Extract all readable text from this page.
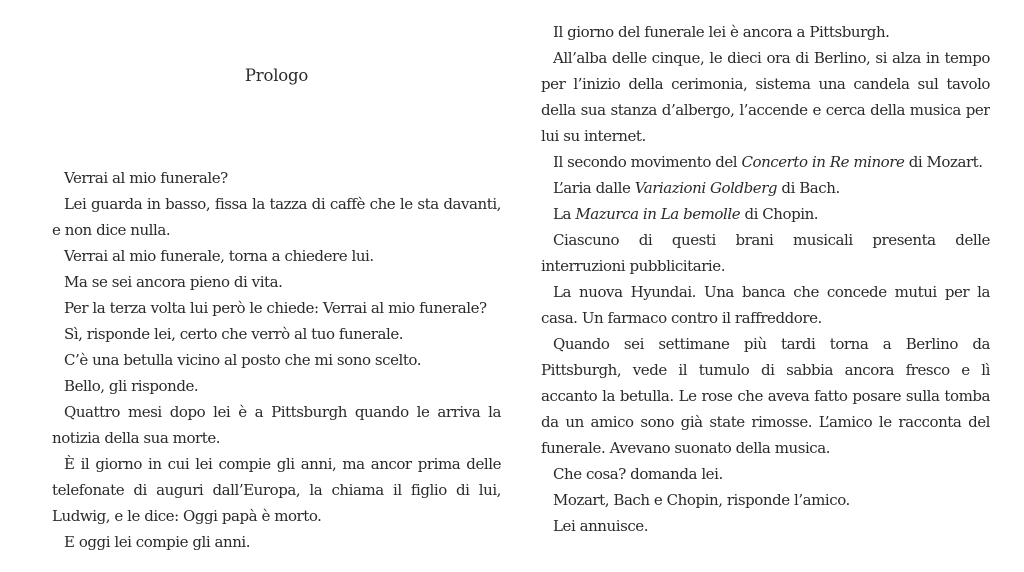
Prologo
Verrai al mio funerale?
Lei guarda in basso, fissa la tazza di caffè che le sta davanti,
e non dice nulla.
Verrai al mio funerale, torna a chiedere lui.
Ma se sei ancora pieno di vita.
Per la terza volta lui però le chiede: Verrai al mio funerale?
Sì, risponde lei, certo che verrò al tuo funerale.
C’è una betulla vicino al posto che mi sono scelto.
Bello, gli risponde.
Quattro mesi dopo lei è a Pittsburgh quando le arriva la
notizia della sua morte.
È il giorno in cui lei compie gli anni, ma ancor prima delle
telefonate di auguri dall’Europa, la chiama il figlio di lui,
Ludwig, e le dice: Oggi papà è morto.
E oggi lei compie gli anni.
Il giorno del funerale lei è ancora a Pittsburgh.
All’alba delle cinque, le dieci ora di Berlino, si alza in tempo
per l’inizio della cerimonia, sistema una candela sul tavolo
della sua stanza d’albergo, l’accende e cerca della musica per
lui su internet.
Il secondo movimento del Concerto in Re minore di Mozart.
L’aria dalle Variazioni Goldberg di Bach.
La Mazurca in La bemolle di Chopin.
Ciascuno di questi brani musicali presenta delle
interruzioni pubblicitarie.
La nuova Hyundai. Una banca che concede mutui per la
casa. Un farmaco contro il raffreddore.
Quando sei settimane più tardi torna a Berlino da
Pittsburgh, vede il tumulo di sabbia ancora fresco e lì
accanto la betulla. Le rose che aveva fatto posare sulla tomba
da un amico sono già state rimosse. L’amico le racconta del
funerale. Avevano suonato della musica.
Che cosa? domanda lei.
Mozart, Bach e Chopin, risponde l’amico.
Lei annuisce.
